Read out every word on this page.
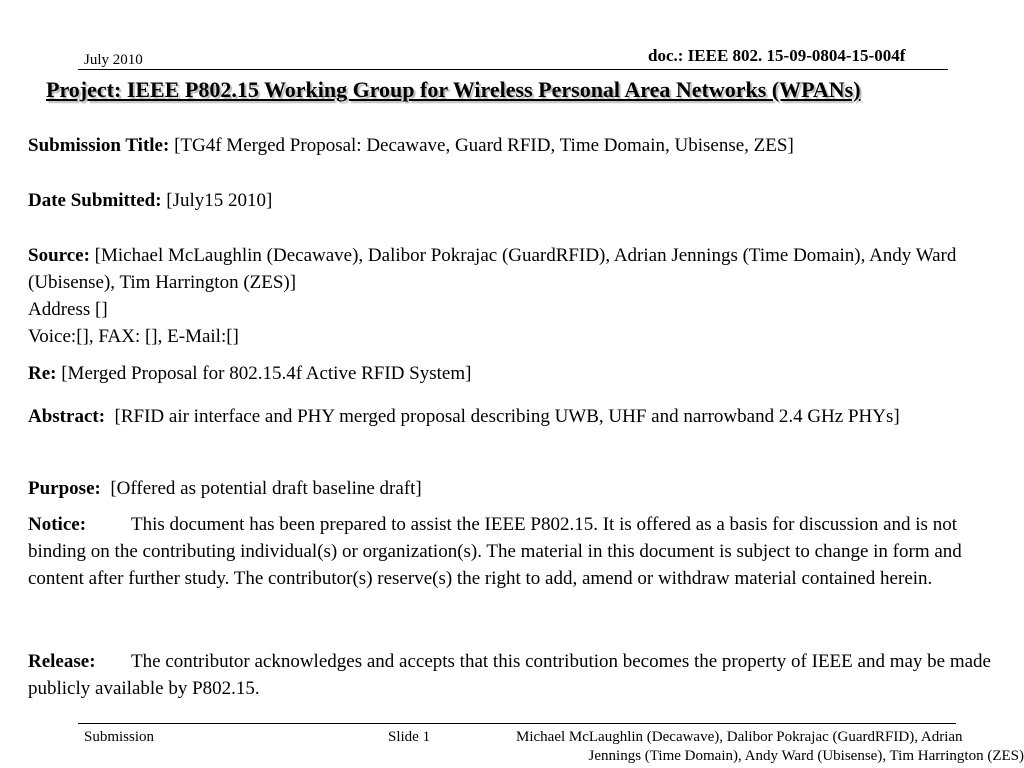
July 2010	doc.: IEEE 802. 15-09-0804-15-004f
Project: IEEE P802.15 Working Group for Wireless Personal Area Networks (WPANs)
Submission Title: [TG4f Merged Proposal: Decawave, Guard RFID, Time Domain, Ubisense, ZES]
Date Submitted: [July15 2010]
Source: [Michael McLaughlin (Decawave), Dalibor Pokrajac (GuardRFID), Adrian Jennings (Time Domain), Andy Ward (Ubisense), Tim Harrington (ZES)]
Address []
Voice:[], FAX: [], E-Mail:[]
Re: [Merged Proposal for 802.15.4f Active RFID System]
Abstract: [RFID air interface and PHY merged proposal describing UWB, UHF and narrowband 2.4 GHz PHYs]
Purpose: [Offered as potential draft baseline draft]
Notice: This document has been prepared to assist the IEEE P802.15. It is offered as a basis for discussion and is not binding on the contributing individual(s) or organization(s). The material in this document is subject to change in form and content after further study. The contributor(s) reserve(s) the right to add, amend or withdraw material contained herein.
Release: The contributor acknowledges and accepts that this contribution becomes the property of IEEE and may be made publicly available by P802.15.
Submission	Slide 1	Michael McLaughlin (Decawave), Dalibor Pokrajac (GuardRFID), Adrian
Jennings (Time Domain), Andy Ward (Ubisense), Tim Harrington (ZES)
